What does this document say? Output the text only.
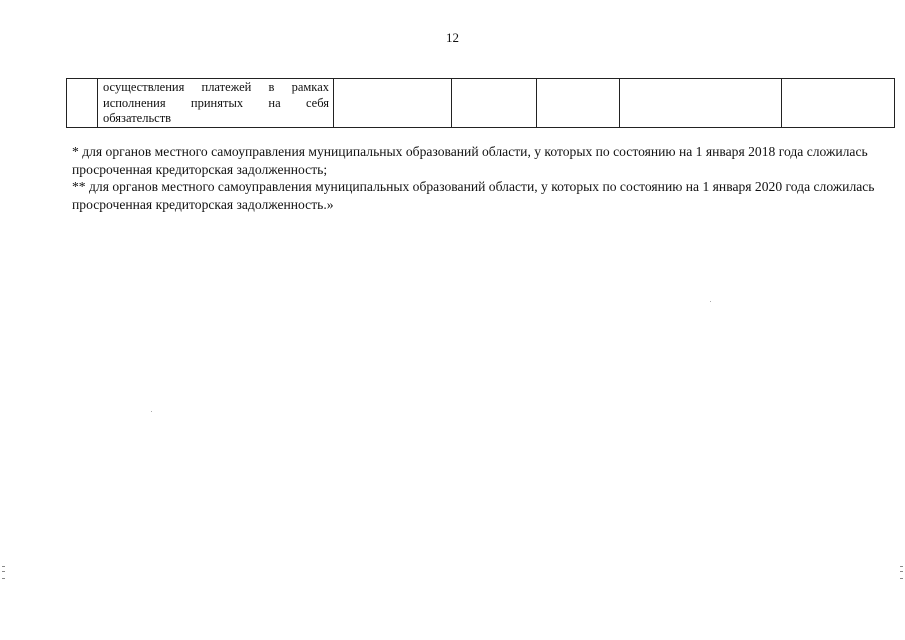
12

осуществления платежей в рамках
исполнения принятых на себя
обязательств

* для органов местного самоуправления муниципальных образований области, у которых по состоянию на 1 января 2018 года сложилась просроченная кредиторская задолженность;

** для органов местного самоуправления муниципальных образований области, у которых по состоянию на 1 января 2020 года сложилась просроченная кредиторская задолженность.»
